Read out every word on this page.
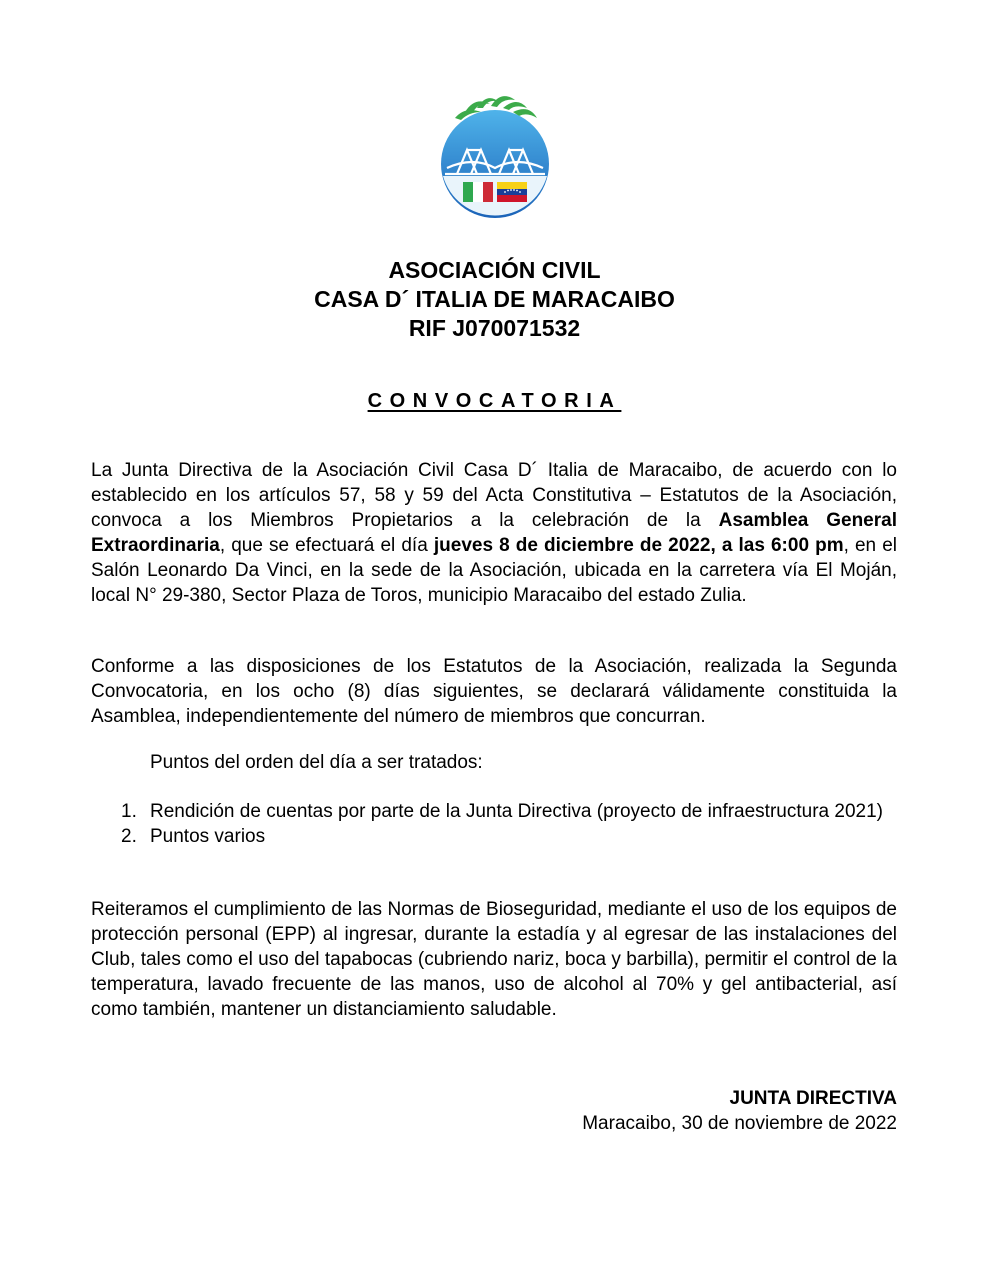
ASOCIACIÓN CIVIL
CASA D´ ITALIA DE MARACAIBO
RIF J070071532
CONVOCATORIA

La Junta Directiva de la Asociación Civil Casa D´ Italia de Maracaibo, de acuerdo con lo establecido en los artículos 57, 58 y 59 del Acta Constitutiva – Estatutos de la Asociación, convoca a los Miembros Propietarios a la celebración de la Asamblea General Extraordinaria, que se efectuará el día jueves 8 de diciembre de 2022, a las 6:00 pm, en el Salón Leonardo Da Vinci, en la sede de la Asociación, ubicada en la carretera vía El Moján, local N° 29-380, Sector Plaza de Toros, municipio Maracaibo del estado Zulia.

Conforme a las disposiciones de los Estatutos de la Asociación, realizada la Segunda Convocatoria, en los ocho (8) días siguientes, se declarará válidamente constituida la Asamblea, independientemente del número de miembros que concurran.

Puntos del orden del día a ser tratados:
1. Rendición de cuentas por parte de la Junta Directiva (proyecto de infraestructura 2021)
2. Puntos varios

Reiteramos el cumplimiento de las Normas de Bioseguridad, mediante el uso de los equipos de protección personal (EPP) al ingresar, durante la estadía y al egresar de las instalaciones del Club, tales como el uso del tapabocas (cubriendo nariz, boca y barbilla), permitir el control de la temperatura, lavado frecuente de las manos, uso de alcohol al 70% y gel antibacterial, así como también, mantener un distanciamiento saludable.

JUNTA DIRECTIVA
Maracaibo, 30 de noviembre de 2022
